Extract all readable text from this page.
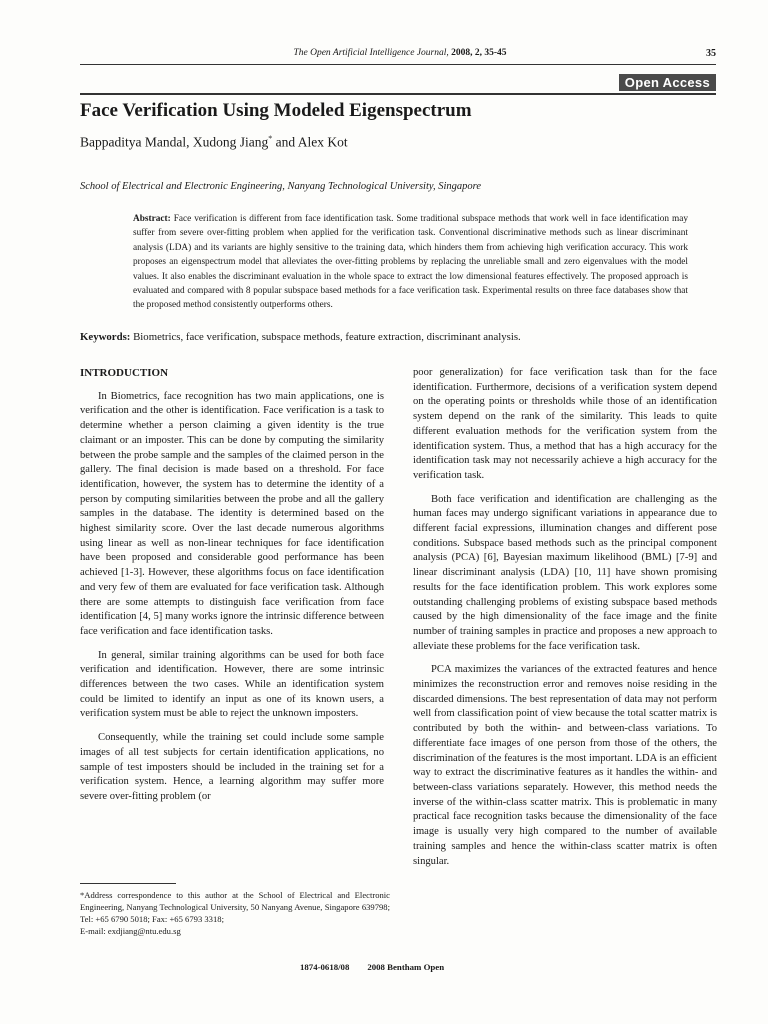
The Open Artificial Intelligence Journal, 2008, 2, 35-45	35
Open Access
Face Verification Using Modeled Eigenspectrum
Bappaditya Mandal, Xudong Jiang* and Alex Kot
School of Electrical and Electronic Engineering, Nanyang Technological University, Singapore
Abstract: Face verification is different from face identification task. Some traditional subspace methods that work well in face identification may suffer from severe over-fitting problem when applied for the verification task. Conventional discriminative methods such as linear discriminant analysis (LDA) and its variants are highly sensitive to the training data, which hinders them from achieving high verification accuracy. This work proposes an eigenspectrum model that alleviates the over-fitting problems by replacing the unreliable small and zero eigenvalues with the model values. It also enables the discriminant evaluation in the whole space to extract the low dimensional features effectively. The proposed approach is evaluated and compared with 8 popular subspace based methods for a face verification task. Experimental results on three face databases show that the proposed method consistently outperforms others.
Keywords: Biometrics, face verification, subspace methods, feature extraction, discriminant analysis.
INTRODUCTION

In Biometrics, face recognition has two main applications, one is verification and the other is identification. Face verification is a task to determine whether a person claiming a given identity is the true claimant or an imposter. This can be done by computing the similarity between the probe sample and the samples of the claimed person in the gallery. The final decision is made based on a threshold. For face identification, however, the system has to determine the identity of a person by computing similarities between the probe and all the gallery samples in the database. The identity is determined based on the highest similarity score. Over the last decade numerous algorithms using linear as well as non-linear techniques for face identification have been proposed and considerable good performance has been achieved [1-3]. However, these algorithms focus on face identification and very few of them are evaluated for face verification task. Although there are some attempts to distinguish face verification from face identification [4, 5] many works ignore the intrinsic difference between face verification and face identification tasks.

In general, similar training algorithms can be used for both face verification and identification. However, there are some intrinsic differences between the two cases. While an identification system could be limited to identify an input as one of its known users, a verification system must be able to reject the unknown imposters.

Consequently, while the training set could include some sample images of all test subjects for certain identification applications, no sample of test imposters should be included in the training set for a verification system. Hence, a learning algorithm may suffer more severe over-fitting problem (or

poor generalization) for face verification task than for the face identification. Furthermore, decisions of a verification system depend on the operating points or thresholds while those of an identification system depend on the rank of the similarity. This leads to quite different evaluation methods for the verification system from the identification system. Thus, a method that has a high accuracy for the identification task may not necessarily achieve a high accuracy for the verification task.

Both face verification and identification are challenging as the human faces may undergo significant variations in appearance due to different facial expressions, illumination changes and different pose conditions. Subspace based methods such as the principal component analysis (PCA) [6], Bayesian maximum likelihood (BML) [7-9] and linear discriminant analysis (LDA) [10, 11] have shown promising results for the face identification problem. This work explores some outstanding challenging problems of existing subspace based methods caused by the high dimensionality of the face image and the finite number of training samples in practice and proposes a new approach to alleviate these problems for the face verification task.

PCA maximizes the variances of the extracted features and hence minimizes the reconstruction error and removes noise residing in the discarded dimensions. The best representation of data may not perform well from classification point of view because the total scatter matrix is contributed by both the within- and between-class variations. To differentiate face images of one person from those of the others, the discrimination of the features is the most important. LDA is an efficient way to extract the discriminative features as it handles the within- and between-class variations separately. However, this method needs the inverse of the within-class scatter matrix. This is problematic in many practical face recognition tasks because the dimensionality of the face image is usually very high compared to the number of available training samples and hence the within-class scatter matrix is often singular.

*Address correspondence to this author at the School of Electrical and Electronic Engineering, Nanyang Technological University, 50 Nanyang Avenue, Singapore 639798; Tel: +65 6790 5018; Fax: +65 6793 3318;
E-mail: exdjiang@ntu.edu.sg
1874-0618/08 2008 Bentham Open
